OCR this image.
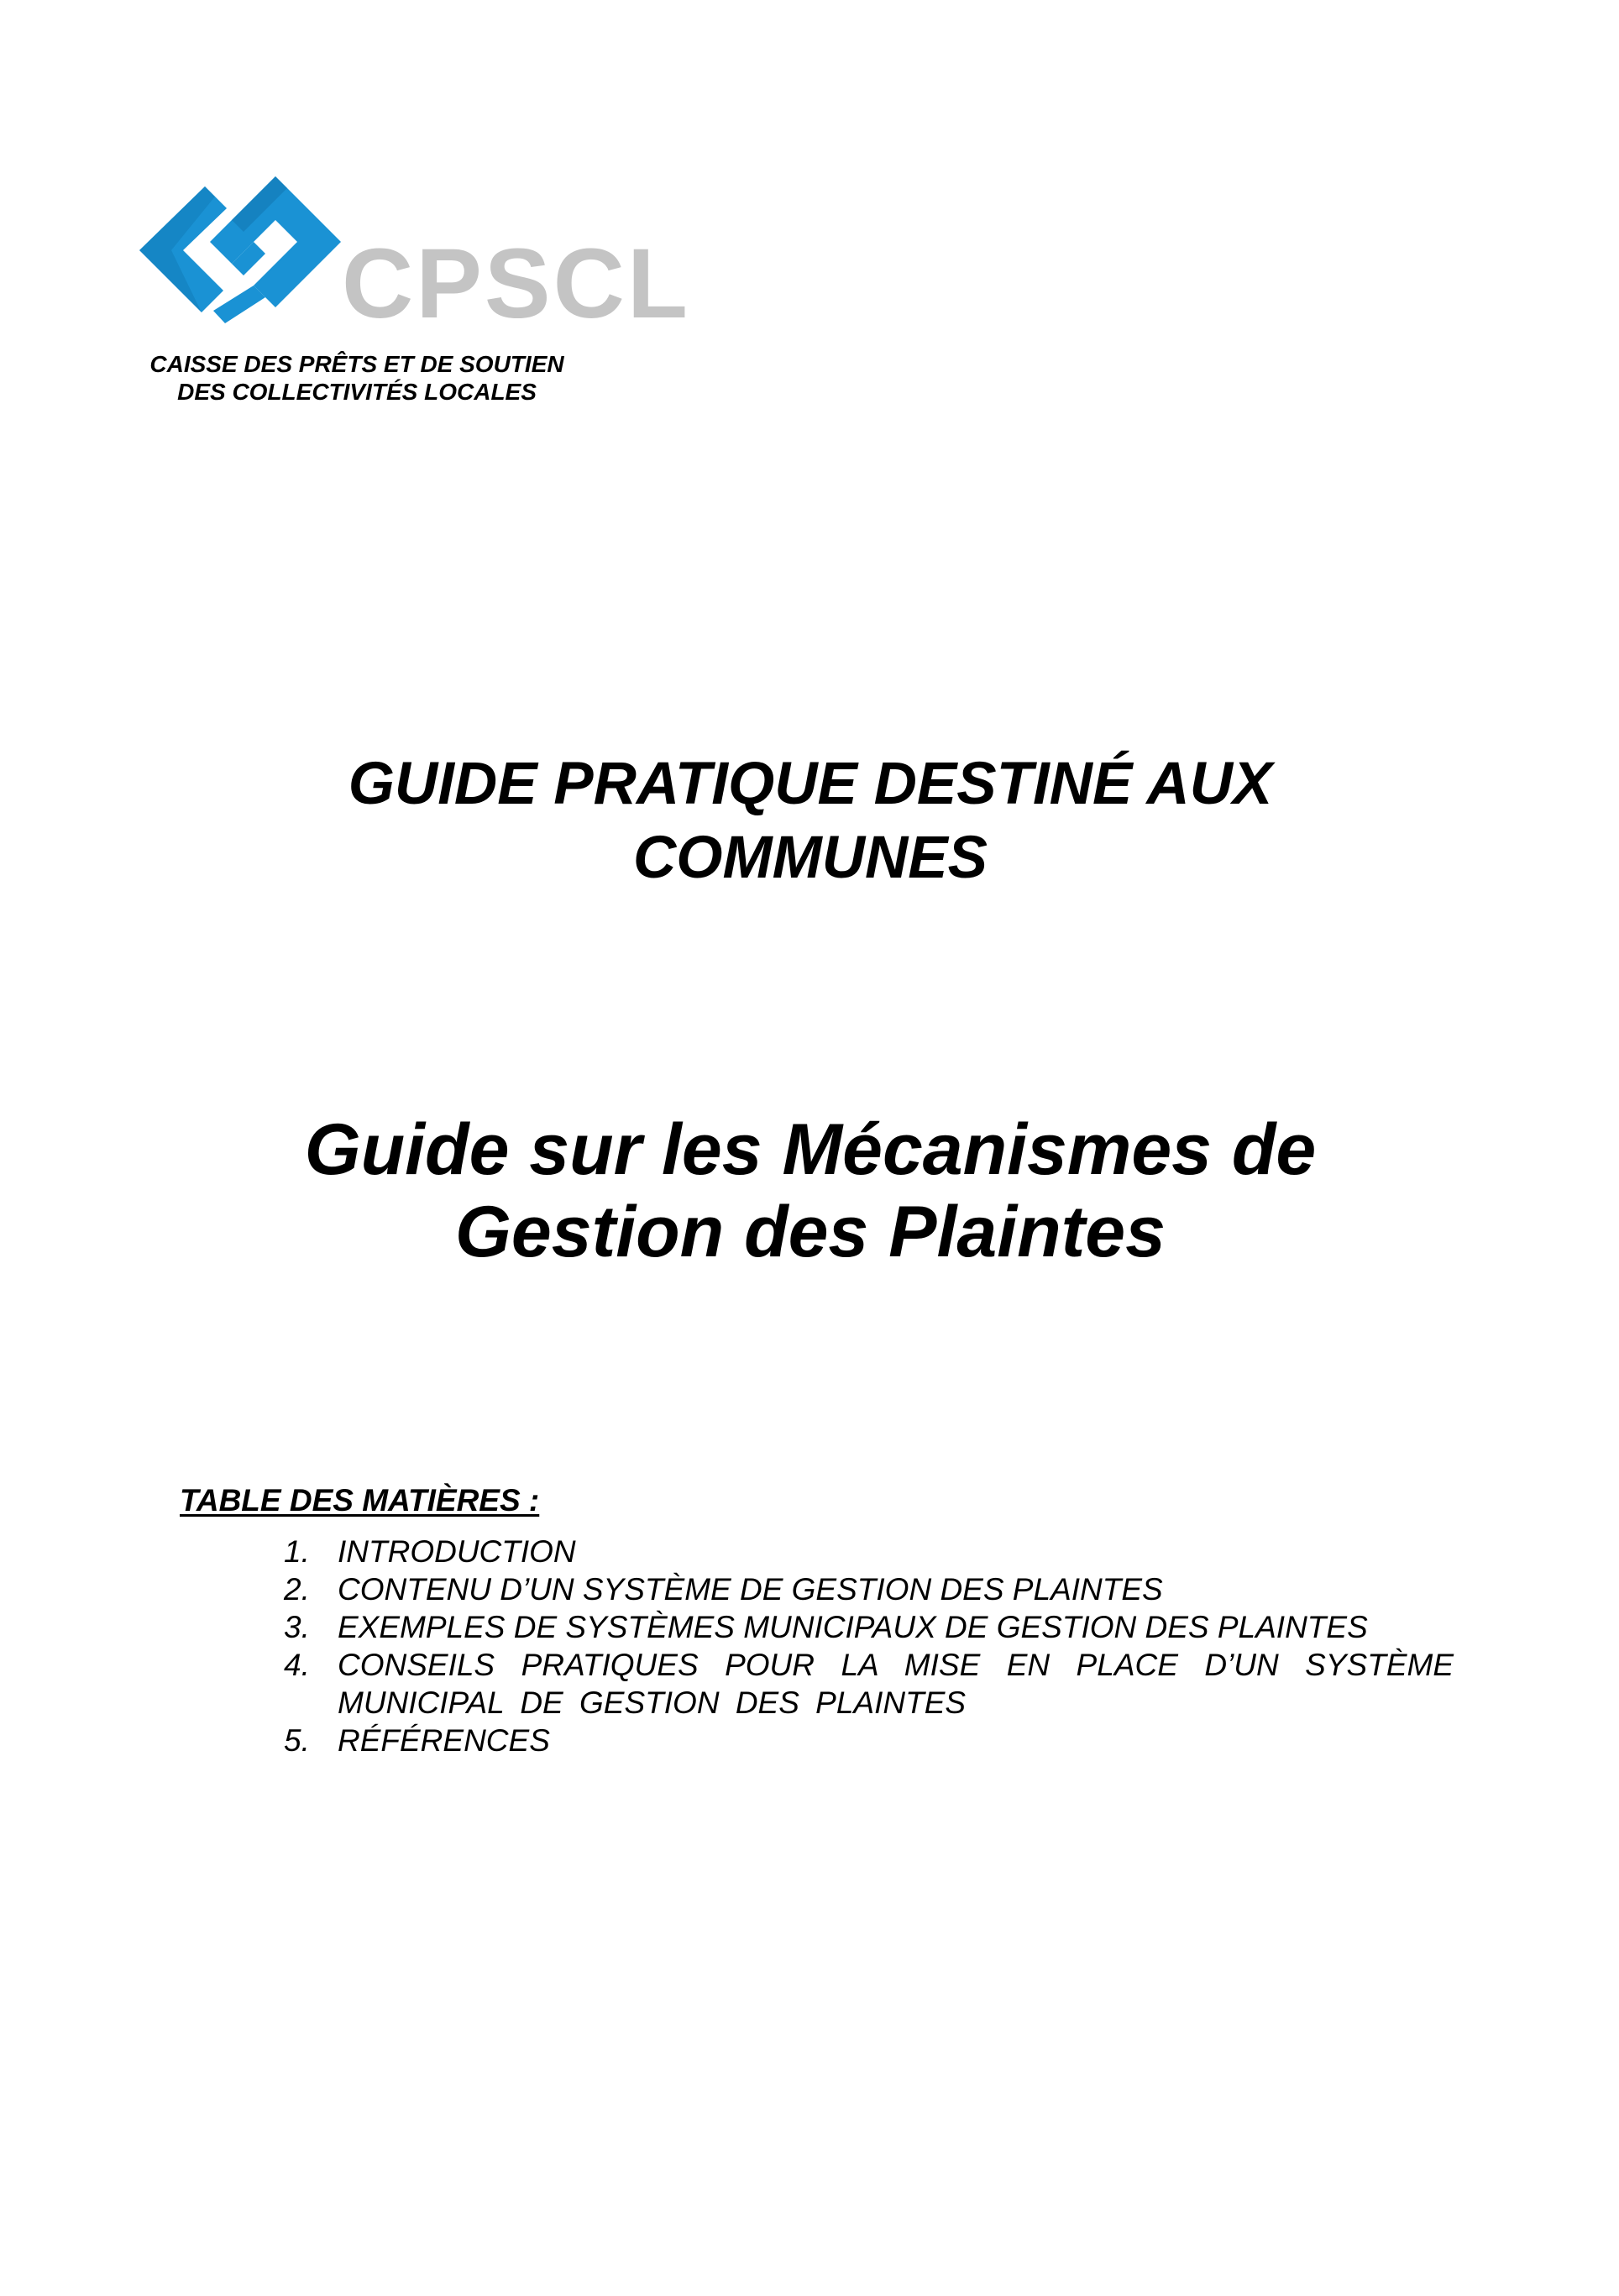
CPSCL
CAISSE DES PRÊTS ET DE SOUTIEN
DES COLLECTIVITÉS LOCALES
GUIDE PRATIQUE DESTINÉ AUX
COMMUNES
Guide sur les Mécanismes de
Gestion des Plaintes
TABLE DES MATIÈRES :
1. INTRODUCTION
2. CONTENU D’UN SYSTÈME DE GESTION DES PLAINTES
3. EXEMPLES DE SYSTÈMES MUNICIPAUX DE GESTION DES PLAINTES
4. CONSEILS PRATIQUES POUR LA MISE EN PLACE D’UN SYSTÈME MUNICIPAL DE GESTION DES PLAINTES
5. RÉFÉRENCES
